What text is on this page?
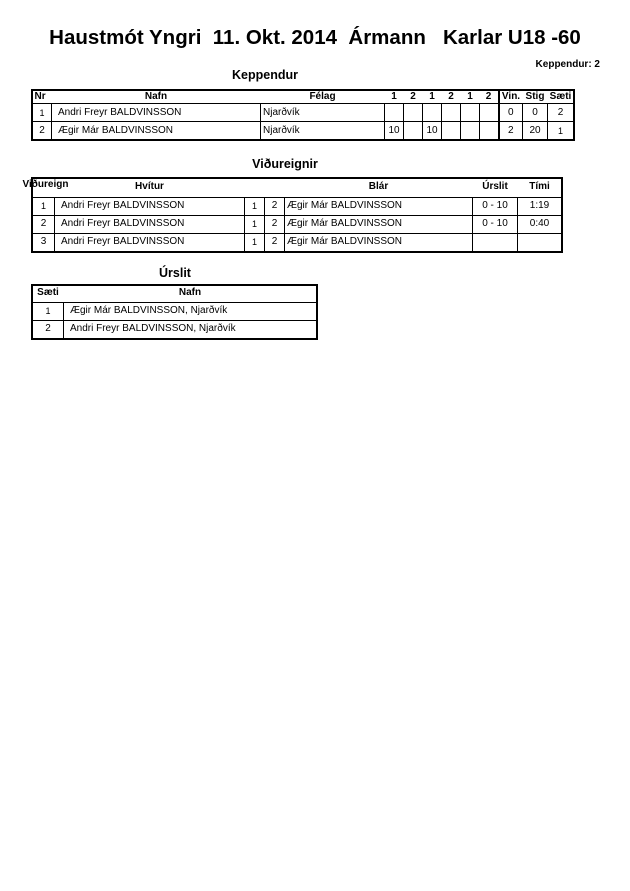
Haustmót Yngri  11. Okt. 2014  Ármann   Karlar U18 -60
Keppendur: 2
Keppendur
Nr	Nafn	Félag	1	2	1	2	1	2	Vin.	Stig	Sæti
1	Andri Freyr BALDVINSSON	Njarðvík							0	0	2
2	Ægir Már BALDVINSSON	Njarðvík	10		10				2	20	1
Viðureignir
Viðureign	Hvítur			Blár	Úrslit	Tími
1	Andri Freyr BALDVINSSON	1	2	Ægir Már BALDVINSSON	0 - 10	1:19
2	Andri Freyr BALDVINSSON	1	2	Ægir Már BALDVINSSON	0 - 10	0:40
3	Andri Freyr BALDVINSSON	1	2	Ægir Már BALDVINSSON		
Úrslit
Sæti	Nafn
1	Ægir Már BALDVINSSON, Njarðvík
2	Andri Freyr BALDVINSSON, Njarðvík
